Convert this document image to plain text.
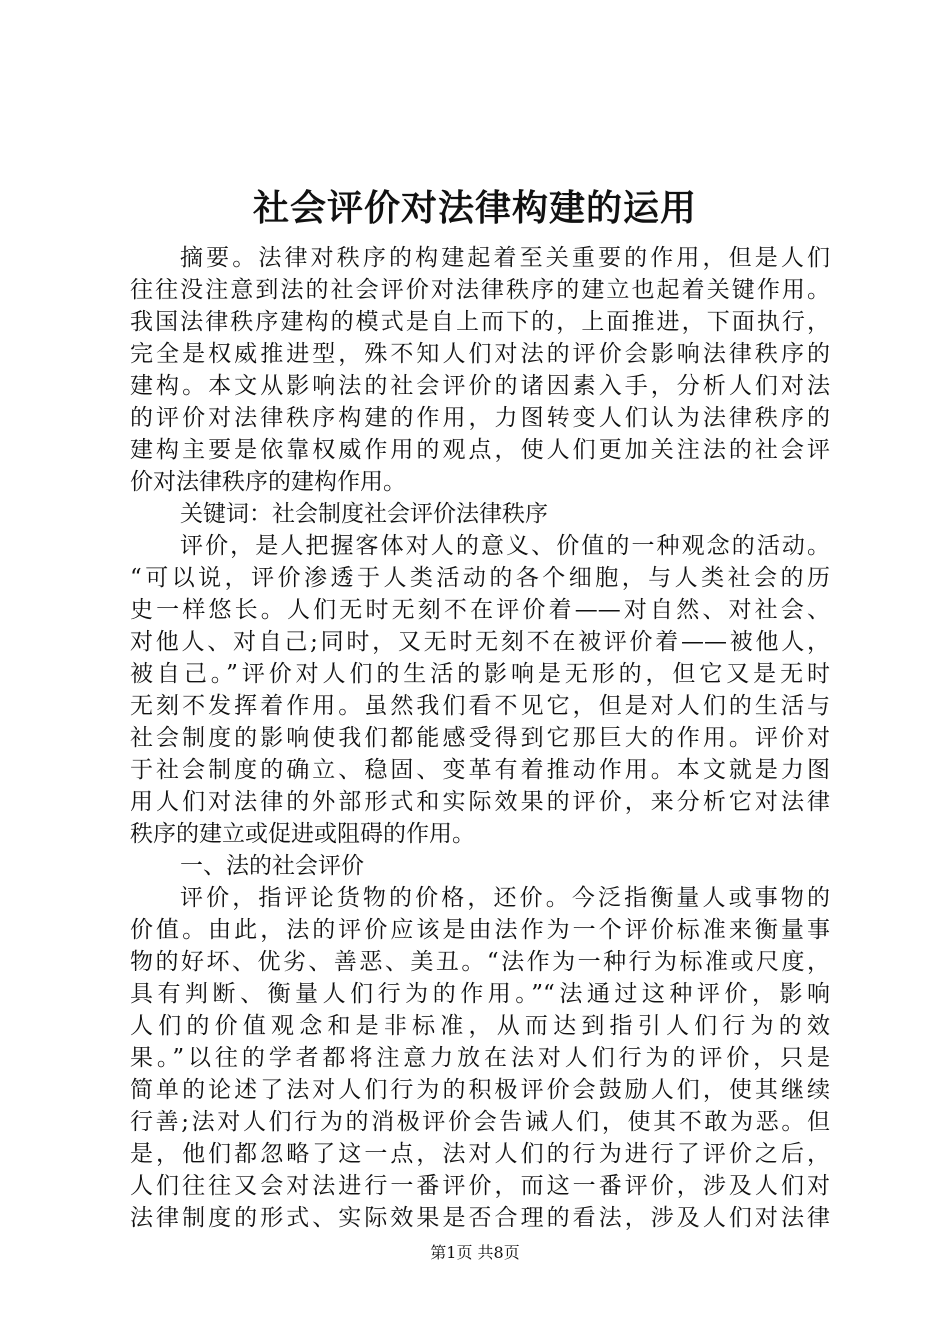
社会评价对法律构建的运用
摘要。法律对秩序的构建起着至关重要的作用，但是人们
往往没注意到法的社会评价对法律秩序的建立也起着关键作用。
我国法律秩序建构的模式是自上而下的，上面推进，下面执行，
完全是权威推进型，殊不知人们对法的评价会影响法律秩序的
建构。本文从影响法的社会评价的诸因素入手，分析人们对法
的评价对法律秩序构建的作用，力图转变人们认为法律秩序的
建构主要是依靠权威作用的观点，使人们更加关注法的社会评
价对法律秩序的建构作用。
关键词：社会制度社会评价法律秩序
评价，是人把握客体对人的意义、价值的一种观念的活动。
“可以说，评价渗透于人类活动的各个细胞，与人类社会的历
史一样悠长。人们无时无刻不在评价着——对自然、对社会、
对他人、对自己;同时，又无时无刻不在被评价着——被他人，
被自己。”评价对人们的生活的影响是无形的，但它又是无时
无刻不发挥着作用。虽然我们看不见它，但是对人们的生活与
社会制度的影响使我们都能感受得到它那巨大的作用。评价对
于社会制度的确立、稳固、变革有着推动作用。本文就是力图
用人们对法律的外部形式和实际效果的评价，来分析它对法律
秩序的建立或促进或阻碍的作用。
一、法的社会评价
评价，指评论货物的价格，还价。今泛指衡量人或事物的
价值。由此，法的评价应该是由法作为一个评价标准来衡量事
物的好坏、优劣、善恶、美丑。“法作为一种行为标准或尺度，
具有判断、衡量人们行为的作用。”“法通过这种评价，影响
人们的价值观念和是非标准，从而达到指引人们行为的效
果。”以往的学者都将注意力放在法对人们行为的评价，只是
简单的论述了法对人们行为的积极评价会鼓励人们，使其继续
行善;法对人们行为的消极评价会告诫人们，使其不敢为恶。但
是，他们都忽略了这一点，法对人们的行为进行了评价之后，
人们往往又会对法进行一番评价，而这一番评价，涉及人们对
法律制度的形式、实际效果是否合理的看法，涉及人们对法律
第1页 共8页
